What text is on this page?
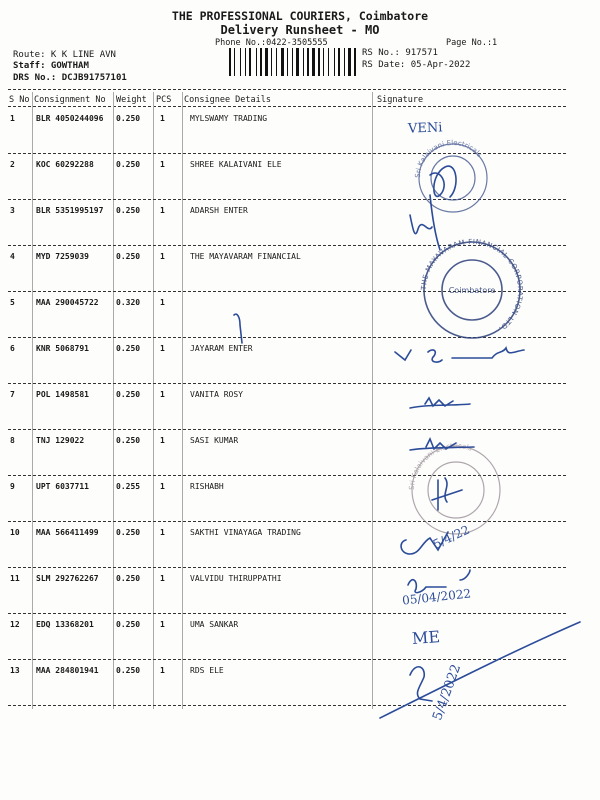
THE PROFESSIONAL COURIERS, Coimbatore
Delivery Runsheet - MO
Phone No.:0422-3505555	Page No.:1
Route: K K LINE AVN
Staff: GOWTHAM
DRS No.: DCJB91757101
RS No.: 917571
RS Date: 05-Apr-2022
S No Consignment No Weight PCS Consignee Details	Signature
1	BLR 4050244096 0.250 1	MYLSWAMY TRADING
2	KOC 60292288	0.250 1	SHREE KALAIVANI ELE
3	BLR 5351995197 0.250 1	ADARSH ENTER
4	MYD 7259039	0.250 1	THE MAYAVARAM FINANCIAL
5	MAA 290045722 0.320 1
6	KNR 5068791	0.250 1	JAYARAM ENTER
7	POL 1498581	0.250 1	VANITA ROSY
8	TNJ 129022	0.250 1	SASI KUMAR
9	UPT 6037711	0.255 1	RISHABH
10 MAA 566411499 0.250 1	SAKTHI VINAYAGA TRADING
11 SLM 292762267 0.250 1	VALVIDU THIRUPPATHI
12 EDQ 13368201	0.250 1	UMA SANKAR
13 MAA 284801941 0.250 1	RDS ELE
Sri Kalaivani Electricals
THE MAYAVARAM FINANCIAL CORPORATION LTD.
Coimbatore
Sri Kalaivani Electricals
VENi
5/4/22
05/04/2022
ME
5/4/2022
